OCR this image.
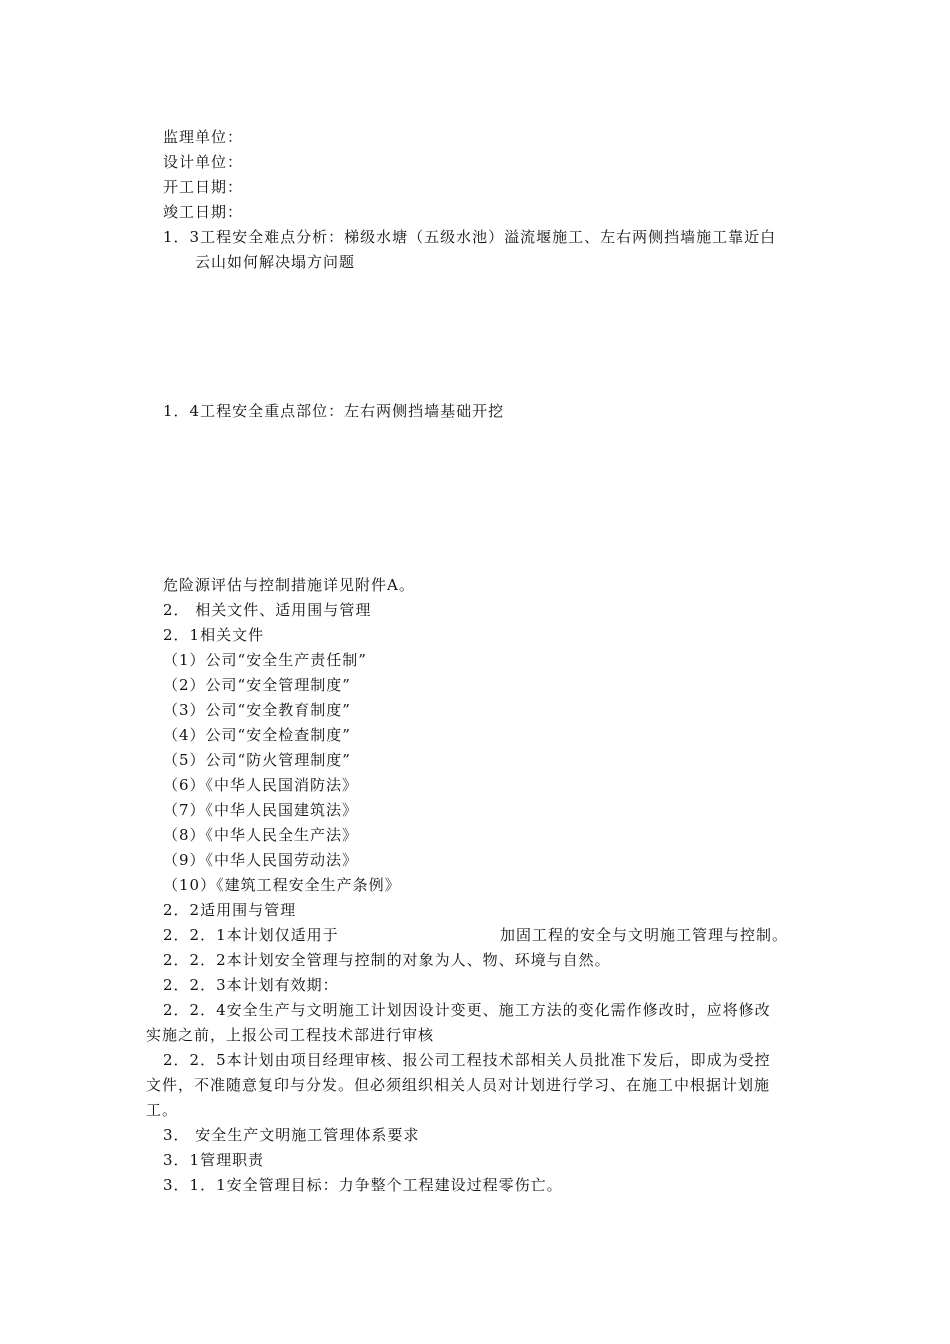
监理单位：
设计单位：
开工日期：
竣工日期：
1．3工程安全难点分析：梯级水塘（五级水池）溢流堰施工、左右两侧挡墙施工靠近白
云山如何解决塌方问题
1．4工程安全重点部位：左右两侧挡墙基础开挖
危险源评估与控制措施详见附件A。
2． 相关文件、适用围与管理
2．1相关文件
（1）公司“安全生产责任制”
（2）公司“安全管理制度”
（3）公司“安全教育制度”
（4）公司“安全检查制度”
（5）公司“防火管理制度”
（6）《中华人民国消防法》
（7）《中华人民国建筑法》
（8）《中华人民全生产法》
（9）《中华人民国劳动法》
（10）《建筑工程安全生产条例》
2．2适用围与管理
2．2．1本计划仅适用于	加固工程的安全与文明施工管理与控制。
2．2．2本计划安全管理与控制的对象为人、物、环境与自然。
2．2．3本计划有效期：
2．2．4安全生产与文明施工计划因设计变更、施工方法的变化需作修改时，应将修改
实施之前，上报公司工程技术部进行审核
2．2．5本计划由项目经理审核、报公司工程技术部相关人员批准下发后，即成为受控
文件，不准随意复印与分发。但必须组织相关人员对计划进行学习、在施工中根据计划施
工。
3． 安全生产文明施工管理体系要求
3．1管理职责
3．1．1安全管理目标：力争整个工程建设过程零伤亡。
